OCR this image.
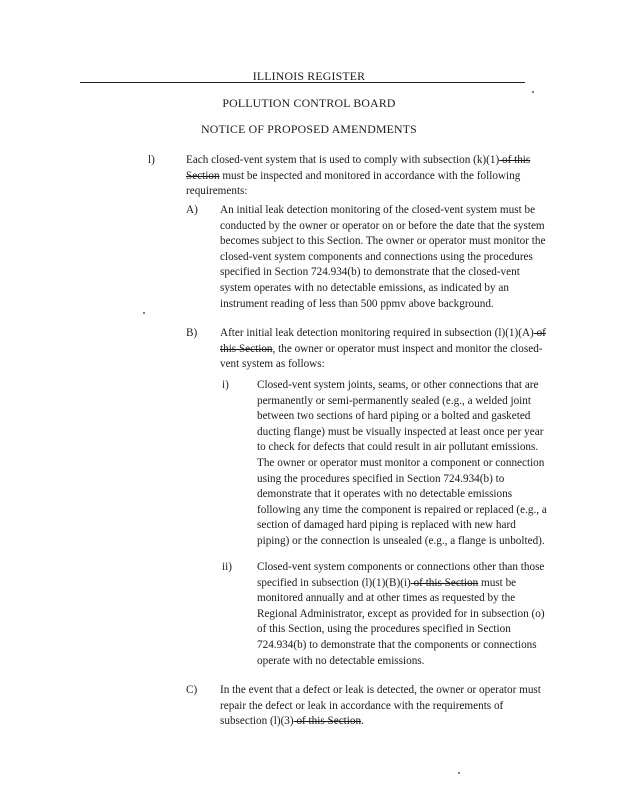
ILLINOIS REGISTER
POLLUTION CONTROL BOARD
NOTICE OF PROPOSED AMENDMENTS
l)	Each closed-vent system that is used to comply with subsection (k)(1) of this Section must be inspected and monitored in accordance with the following requirements:

A) An initial leak detection monitoring of the closed-vent system must be conducted by the owner or operator on or before the date that the system becomes subject to this Section. The owner or operator must monitor the closed-vent system components and connections using the procedures specified in Section 724.934(b) to demonstrate that the closed-vent system operates with no detectable emissions, as indicated by an instrument reading of less than 500 ppmv above background.

B) After initial leak detection monitoring required in subsection (l)(1)(A) of this Section, the owner or operator must inspect and monitor the closed-vent system as follows:

i)	Closed-vent system joints, seams, or other connections that are permanently or semi-permanently sealed (e.g., a welded joint between two sections of hard piping or a bolted and gasketed ducting flange) must be visually inspected at least once per year to check for defects that could result in air pollutant emissions. The owner or operator must monitor a component or connection using the procedures specified in Section 724.934(b) to demonstrate that it operates with no detectable emissions following any time the component is repaired or replaced (e.g., a section of damaged hard piping is replaced with new hard piping) or the connection is unsealed (e.g., a flange is unbolted).

ii) Closed-vent system components or connections other than those specified in subsection (l)(1)(B)(i) of this Section must be monitored annually and at other times as requested by the Regional Administrator, except as provided for in subsection (o) of this Section, using the procedures specified in Section 724.934(b) to demonstrate that the components or connections operate with no detectable emissions.

C) In the event that a defect or leak is detected, the owner or operator must repair the defect or leak in accordance with the requirements of subsection (l)(3) of this Section.
